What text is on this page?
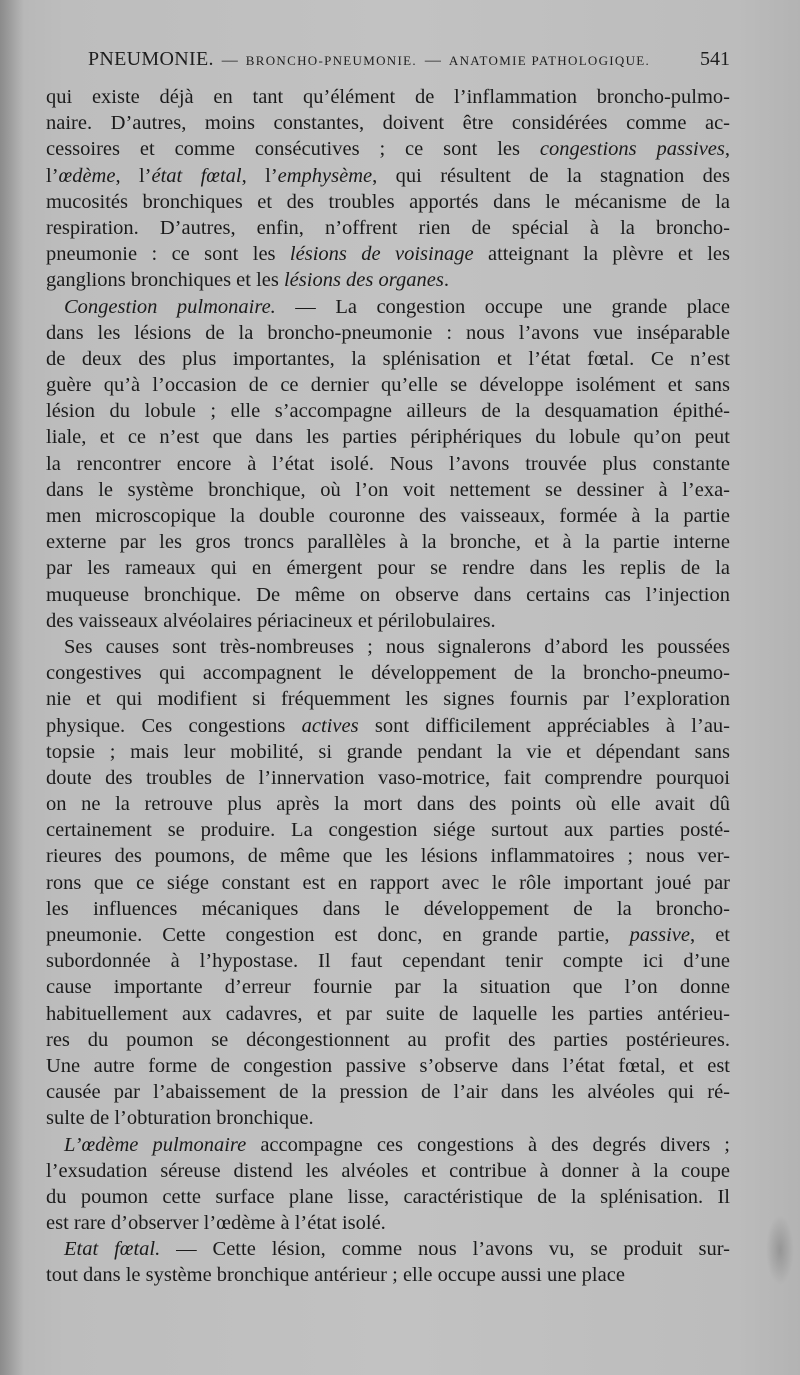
PNEUMONIE. — BRONCHO-PNEUMONIE. — ANATOMIE PATHOLOGIQUE. 541
qui existe déjà en tant qu’élément de l’inflammation broncho-pulmo-
naire. D’autres, moins constantes, doivent être considérées comme ac-
cessoires et comme consécutives ; ce sont les congestions passives,
l’œdème, l’état fœtal, l’emphysème, qui résultent de la stagnation des
mucosités bronchiques et des troubles apportés dans le mécanisme de la
respiration. D’autres, enfin, n’offrent rien de spécial à la broncho-
pneumonie : ce sont les lésions de voisinage atteignant la plèvre et les
ganglions bronchiques et les lésions des organes.
Congestion pulmonaire. — La congestion occupe une grande place
dans les lésions de la broncho-pneumonie : nous l’avons vue inséparable
de deux des plus importantes, la splénisation et l’état fœtal. Ce n’est
guère qu’à l’occasion de ce dernier qu’elle se développe isolément et sans
lésion du lobule ; elle s’accompagne ailleurs de la desquamation épithé-
liale, et ce n’est que dans les parties périphériques du lobule qu’on peut
la rencontrer encore à l’état isolé. Nous l’avons trouvée plus constante
dans le système bronchique, où l’on voit nettement se dessiner à l’exa-
men microscopique la double couronne des vaisseaux, formée à la partie
externe par les gros troncs parallèles à la bronche, et à la partie interne
par les rameaux qui en émergent pour se rendre dans les replis de la
muqueuse bronchique. De même on observe dans certains cas l’injection
des vaisseaux alvéolaires périacineux et périlobulaires.
Ses causes sont très-nombreuses ; nous signalerons d’abord les poussées
congestives qui accompagnent le développement de la broncho-pneumo-
nie et qui modifient si fréquemment les signes fournis par l’exploration
physique. Ces congestions actives sont difficilement appréciables à l’au-
topsie ; mais leur mobilité, si grande pendant la vie et dépendant sans
doute des troubles de l’innervation vaso-motrice, fait comprendre pourquoi
on ne la retrouve plus après la mort dans des points où elle avait dû
certainement se produire. La congestion siége surtout aux parties posté-
rieures des poumons, de même que les lésions inflammatoires ; nous ver-
rons que ce siége constant est en rapport avec le rôle important joué par
les influences mécaniques dans le développement de la broncho-
pneumonie. Cette congestion est donc, en grande partie, passive, et
subordonnée à l’hypostase. Il faut cependant tenir compte ici d’une
cause importante d’erreur fournie par la situation que l’on donne
habituellement aux cadavres, et par suite de laquelle les parties antérieu-
res du poumon se décongestionnent au profit des parties postérieures.
Une autre forme de congestion passive s’observe dans l’état fœtal, et est
causée par l’abaissement de la pression de l’air dans les alvéoles qui ré-
sulte de l’obturation bronchique.
L’œdème pulmonaire accompagne ces congestions à des degrés divers ;
l’exsudation séreuse distend les alvéoles et contribue à donner à la coupe
du poumon cette surface plane lisse, caractéristique de la splénisation. Il
est rare d’observer l’œdème à l’état isolé.
Etat fœtal. — Cette lésion, comme nous l’avons vu, se produit sur-
tout dans le système bronchique antérieur ; elle occupe aussi une place
